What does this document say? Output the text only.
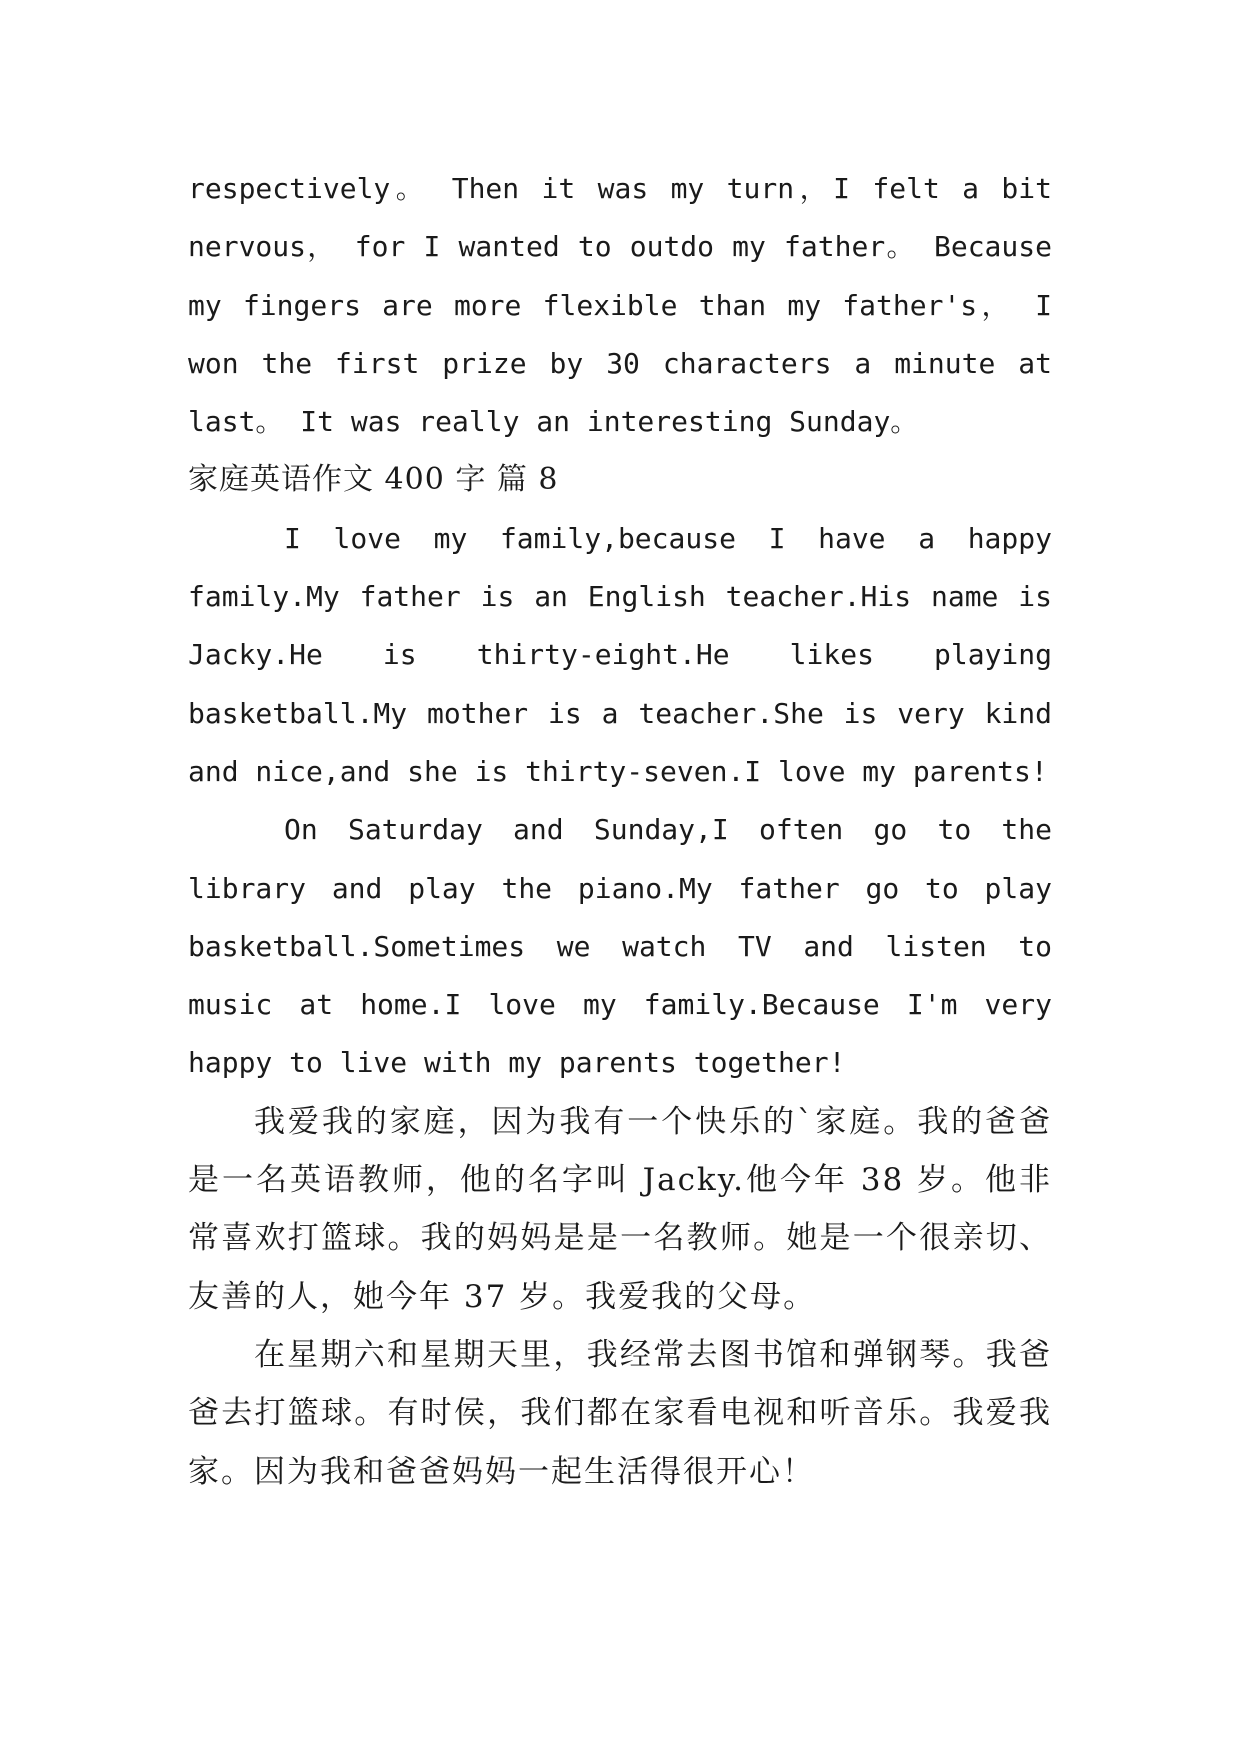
respectively。 Then it was my turn，I felt a bit nervous， for I wanted to outdo my father。 Because my fingers are more flexible than my father's， I won the first prize by 30 characters a minute at last。 It was really an interesting Sunday。

家庭英语作文 400 字 篇 8

I love my family,because I have a happy family.My father is an English teacher.His name is Jacky.He is thirty-eight.He likes playing basketball.My mother is a teacher.She is very kind and nice,and she is thirty-seven.I love my parents!

On Saturday and Sunday,I often go to the library and play the piano.My father go to play basketball.Sometimes we watch TV and listen to music at home.I love my family.Because I'm very happy to live with my parents together!

我爱我的家庭，因为我有一个快乐的`家庭。我的爸爸是一名英语教师，他的名字叫 Jacky.他今年 38 岁。他非常喜欢打篮球。我的妈妈是是一名教师。她是一个很亲切、友善的人，她今年 37 岁。我爱我的父母。

在星期六和星期天里，我经常去图书馆和弹钢琴。我爸爸去打篮球。有时侯，我们都在家看电视和听音乐。我爱我家。因为我和爸爸妈妈一起生活得很开心！
